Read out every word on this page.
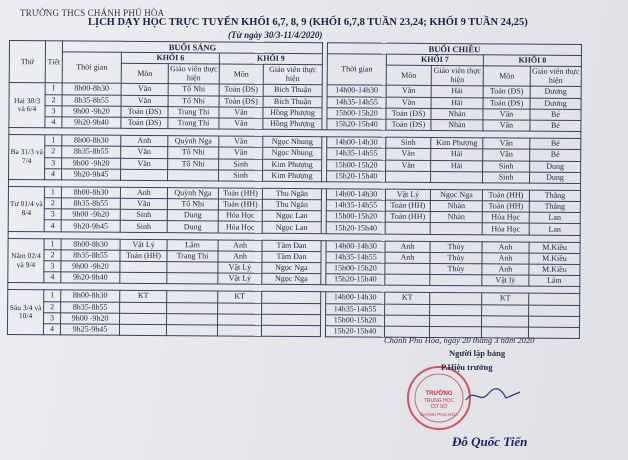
TRƯỜNG THCS CHÁNH PHÚ HÒA
LỊCH DẠY HỌC TRỰC TUYẾN KHỐI 6,7, 8, 9 (KHỐI 6,7,8 TUẦN 23,24; KHỐI 9 TUẦN 24,25)
(Từ ngày 30/3-11/4/2020)
Thứ	Tiết	BUỔI SÁNG						BUỔI CHIỀU				
		Thời gian	KHỐI 6		KHỐI 9			Thời gian	KHỐI 7		KHỐI 8	
			Môn	Giáo viên thực hiện	Môn	Giáo viên thực hiện			Môn	Giáo viên thực hiện	Môn	Giáo viên thực hiện
Hai 30/3 và 6/4	1	8h00-8h30	Văn	Tố Nhi	Toán (ĐS)	Bích Thuận		14h00-14h30	Văn	Hải	Toán (ĐS)	Dương
	2	8h35-8h55	Văn	Tố Nhi	Toán (ĐS)	Bích Thuận		14h35-14h55	Văn	Hải	Toán (ĐS)	Dương
	3	9h00 -9h20	Toán (ĐS)	Trang Thi	Văn	Hồng Phượng		15h00-15h20	Toán (ĐS)	Nhàn	Văn	Bé
	4	9h20-9h40	Toán (ĐS)	Trang Thi	Văn	Hồng Phượng		15h20-15h40	Toán (ĐS)	Nhàn	Văn	Bé

Ba 31/3 và 7/4	1	8h00-8h30	Anh	Quỳnh Nga	Văn	Ngọc Nhung		14h00-14h30	Sinh	Kim Phượng	Văn	Bé
	2	8h35-8h55	Văn	Tố Nhi	Văn	Ngọc Nhung		14h35-14h55	Văn	Hải	Văn	Bé
	3	9h00 -9h20	Văn	Tố Nhi	Sinh	Kim Phượng		15h00-15h20	Văn	Hải	Sinh	Dung
	4	9h20-9h45			Sinh	Kim Phượng		15h20-15h40			Sinh	Dung

Tư 01/4 và 8/4	1	8h00-8h30	Anh	Quỳnh Nga	Toán (HH)	Thu Ngân		14h00-14h30	Vật Lý	Ngọc Nga	Toán (HH)	Thắng
	2	8h35-8h55	Văn	Tố Nhi	Toán (HH)	Thu Ngân		14h35-14h55	Toán (HH)	Nhàn	Toán (HH)	Thắng
	3	9h00 -9h20	Sinh	Dung	Hóa Học	Ngọc Lan		15h00-15h20	Toán (HH)	Nhàn	Hóa Học	Lan
	4	9h20-9h45	Sinh	Dung	Hóa Học	Ngọc Lan		15h20-15h40			Hóa Học	Lan

Năm 02/4 và 9/4	1	8h00-8h30	Vật Lý	Lâm	Anh	Tâm Đan		14h00-14h30	Anh	Thủy	Anh	M.Kiều
	2	8h35-8h55	Toán (HH)	Trang Thi	Anh	Tâm Đan		14h35-14h55	Anh	Thủy	Anh	M.Kiều
	3	9h00 -9h20			Vật Lý	Ngọc Nga		15h00-15h20		Thủy	Anh	M.Kiều
	4	9h20-9h40			Vật Lý	Ngọc Nga		15h20-15h40			Vật lý	Lâm

Sáu 3/4 và 10/4	1	8h00-8h30	KT		KT			14h00-14h30	KT		KT	
	2	8h35-8h55						14h35-14h55				
	3	9h00 -9h20						15h00-15h20				
	4	9h25-9h45						15h20-15h40				
Chánh Phú Hòa, ngày 20 tháng 3 năm 2020
Người lập bảng
TRƯỜNG
TRUNG HỌC
CƠ SỞ
CHÁNH PHÚ HÒA
P.Hiệu trưởng
Đỗ Quốc Tiến
